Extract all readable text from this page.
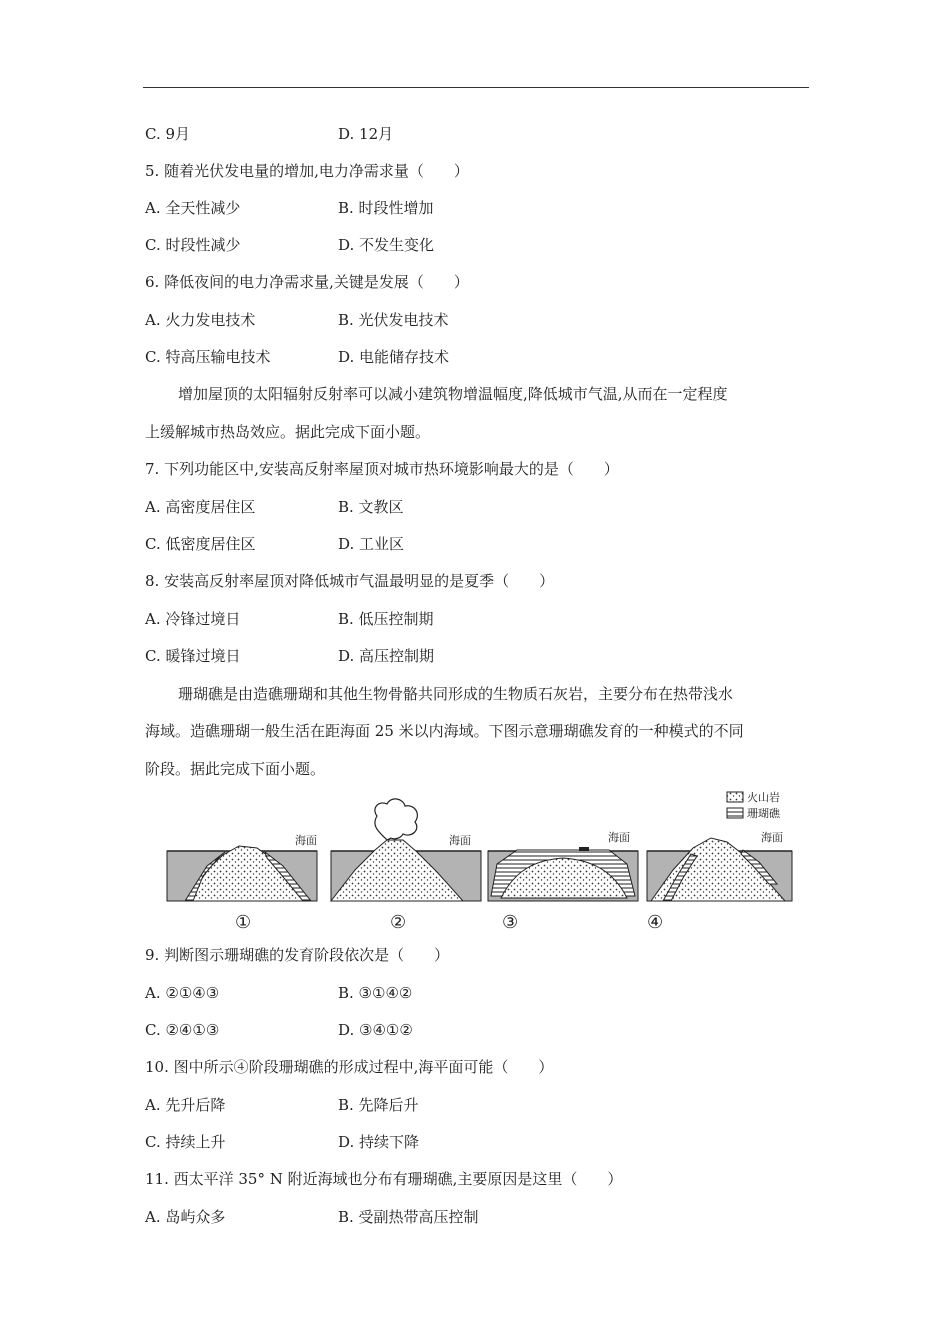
C. 9月	D. 12月
5. 随着光伏发电量的增加,电力净需求量（　　）
A. 全天性减少	B. 时段性增加
C. 时段性减少	D. 不发生变化
6. 降低夜间的电力净需求量,关键是发展（　　）
A. 火力发电技术	B. 光伏发电技术
C. 特高压输电技术	D. 电能储存技术
增加屋顶的太阳辐射反射率可以减小建筑物增温幅度,降低城市气温,从而在一定程度
上缓解城市热岛效应。据此完成下面小题。
7. 下列功能区中,安装高反射率屋顶对城市热环境影响最大的是（　　）
A. 高密度居住区	B. 文教区
C. 低密度居住区	D. 工业区
8. 安装高反射率屋顶对降低城市气温最明显的是夏季（　　）
A. 冷锋过境日	B. 低压控制期
C. 暖锋过境日	D. 高压控制期
珊瑚礁是由造礁珊瑚和其他生物骨骼共同形成的生物质石灰岩，主要分布在热带浅水
海域。造礁珊瑚一般生活在距海面 25 米以内海域。下图示意珊瑚礁发育的一种模式的不同
阶段。据此完成下面小题。
火山岩
珊瑚礁
海面
①
海面
②
海面
③
海面
④
9. 判断图示珊瑚礁的发育阶段依次是（　　）
A. ②①④③	B. ③①④②
C. ②④①③	D. ③④①②
10. 图中所示④阶段珊瑚礁的形成过程中,海平面可能（　　）
A. 先升后降	B. 先降后升
C. 持续上升	D. 持续下降
11. 西太平洋 35° N 附近海域也分布有珊瑚礁,主要原因是这里（　　）
A. 岛屿众多	B. 受副热带高压控制
